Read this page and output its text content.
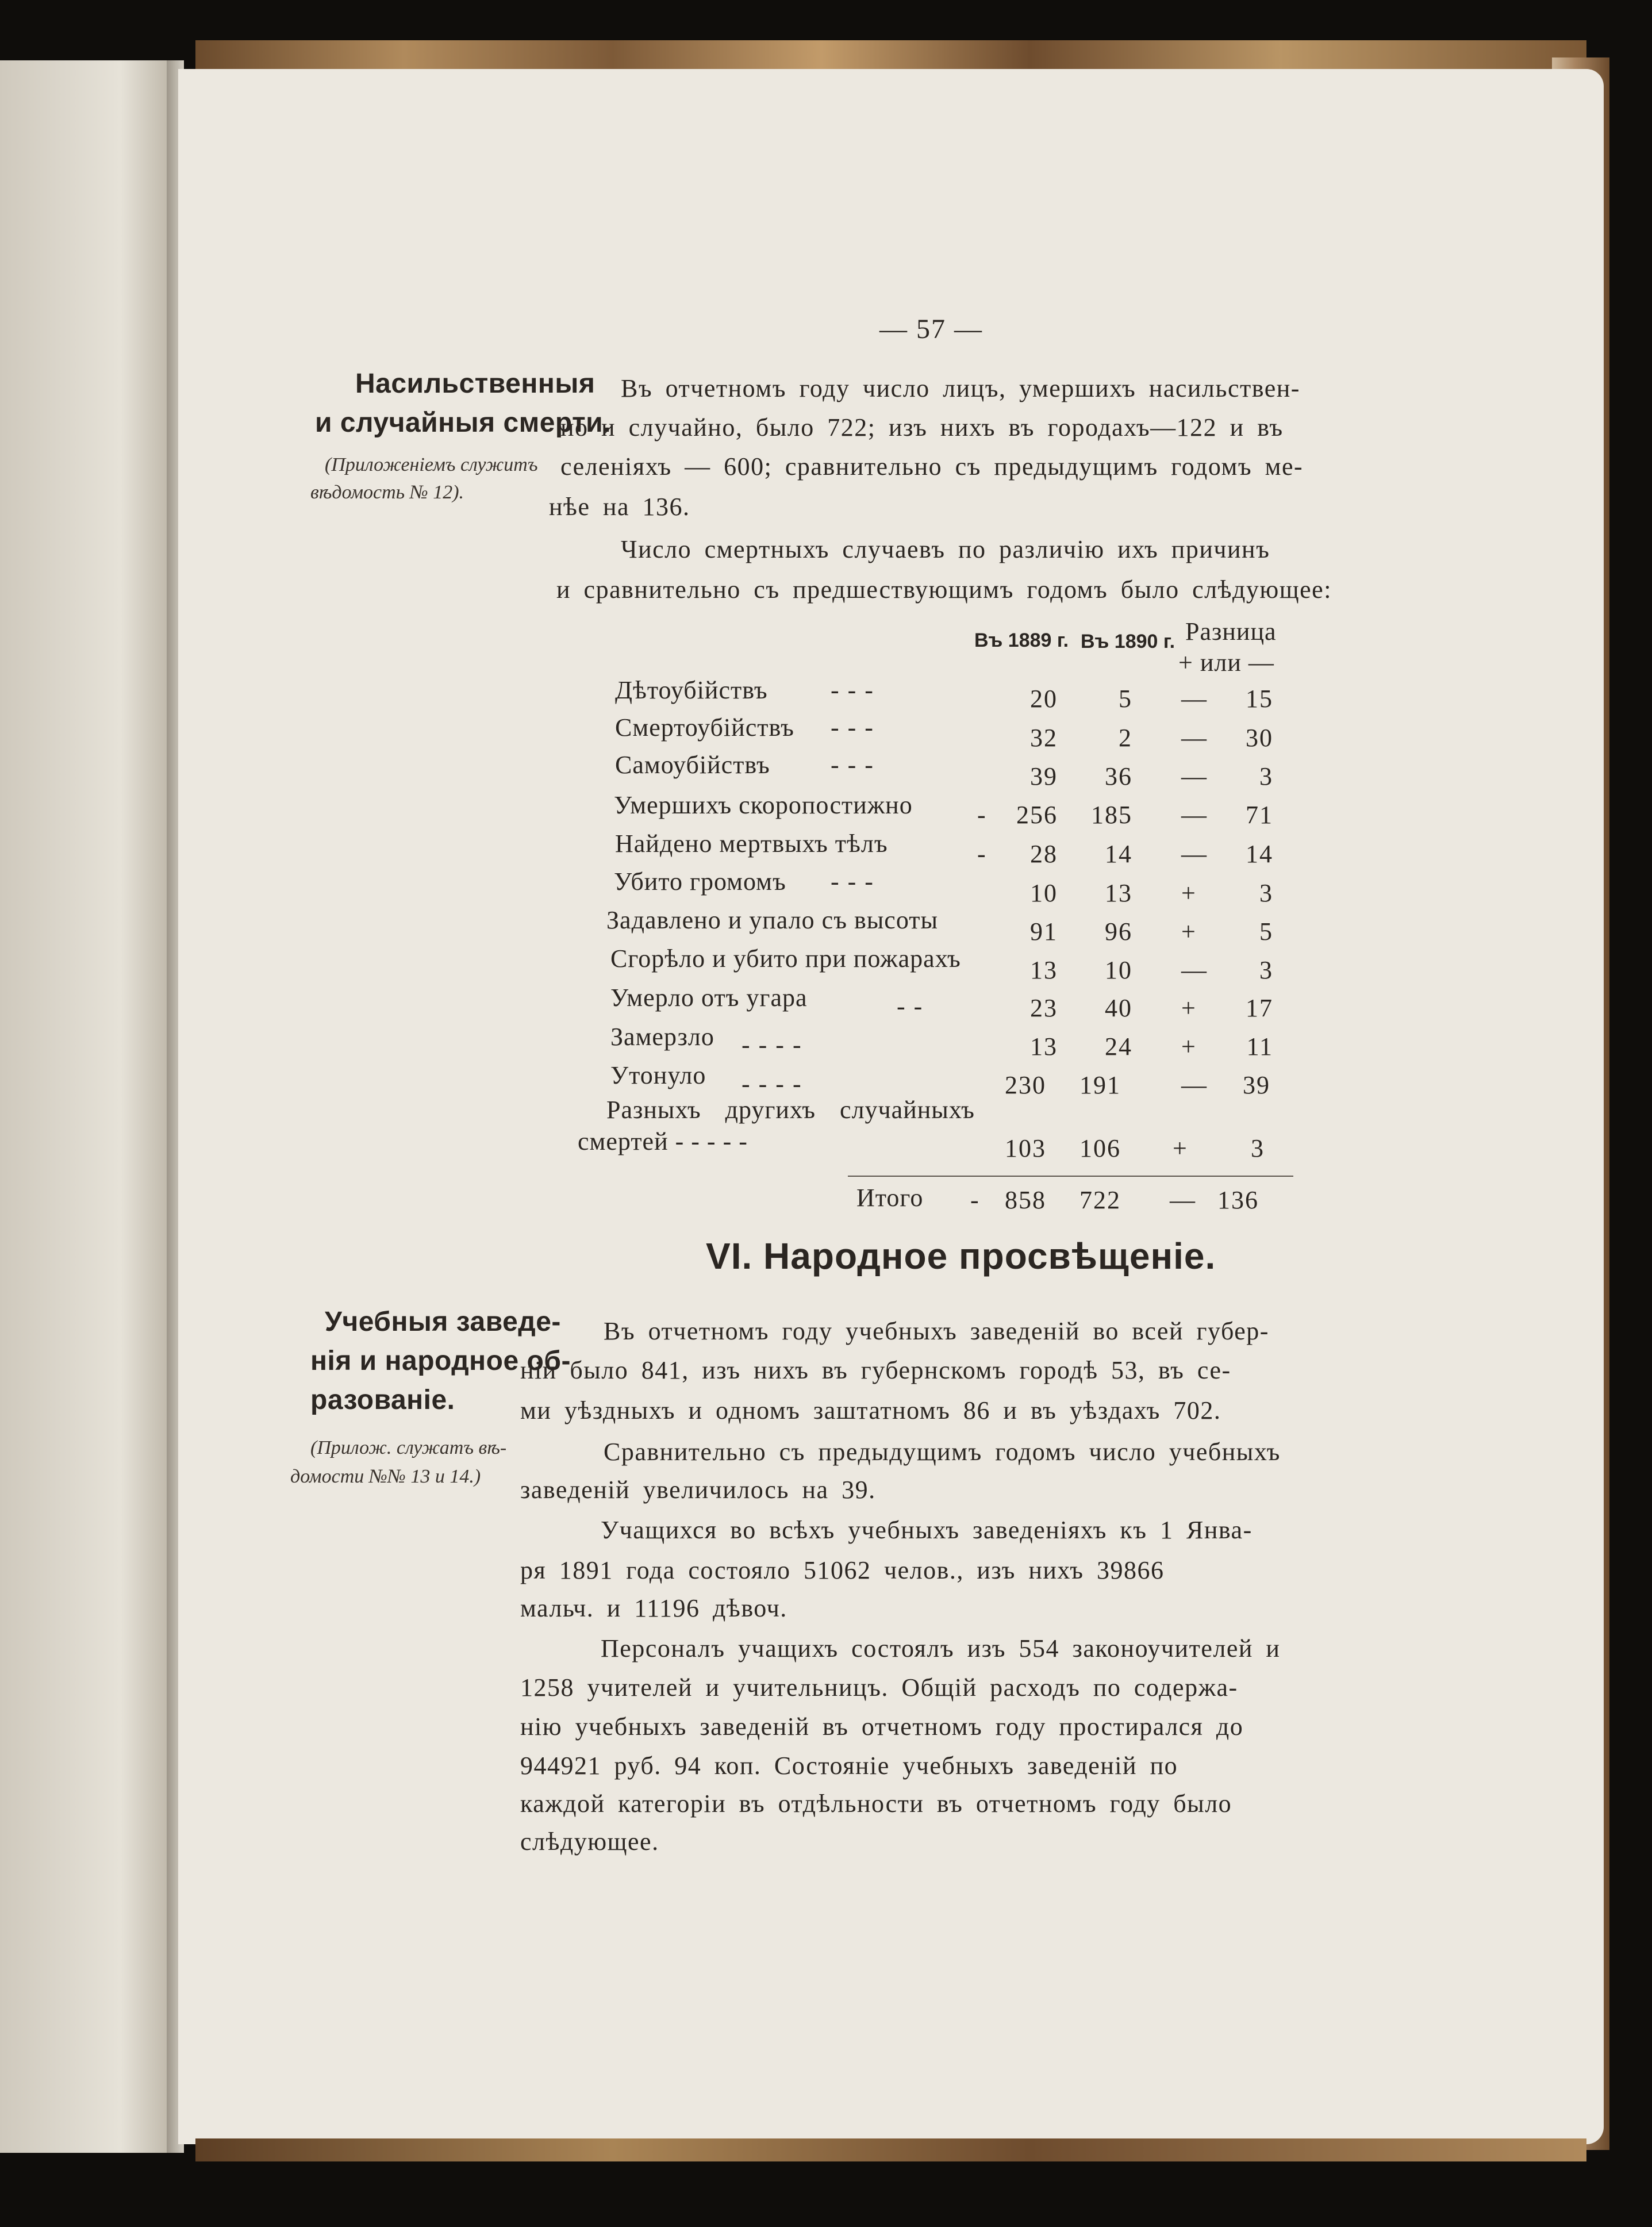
— 57 —
Насильственныя
и случайныя смерти.
(Приложеніемъ служитъ
вѣдомость № 12).
Въ отчетномъ году число лицъ, умершихъ насильствен-
но и случайно, было 722; изъ нихъ въ городахъ—122 и въ
селеніяхъ — 600; сравнительно съ предыдущимъ годомъ ме-
нѣе на 136.
Число смертныхъ случаевъ по различію ихъ причинъ
и сравнительно съ предшествующимъ годомъ было слѣдующее:
Въ 1889 г. Въ 1890 г. Разница
+ или —
Дѣтоубійствъ - - -	20	5 —	15
Смертоубійствъ - - -	32	2 —	30
Самоубійствъ - - -	39	36 —	3
Умершихъ скоропостижно	-	256	185 —	71
Найдено мертвыхъ тѣлъ	-	28	14 —	14
Убито громомъ - - -	10	13 +	3
Задавлено и упало съ высоты	91	96 +	5
Сгорѣло и убито при пожарахъ	13	10 —	3
Умерло отъ угара	- -	23	40 +	17
Замерзло - - - -	13	24 +	11
Утонуло - - - -	230	191 —	39
Разныхъ другихъ случайныхъ
смертей - - - - -	103	106 +	3
Итого -	858	722 — 136
VI. Народное просвѣщеніе.
Учебныя заведе-
нія и народное об-
разованіе.
(Прилож. служатъ вѣ-
домости №№ 13 и 14.)
Въ отчетномъ году учебныхъ заведеній во всей губер-
ніи было 841, изъ нихъ въ губернскомъ городѣ 53, въ се-
ми уѣздныхъ и одномъ заштатномъ 86 и въ уѣздахъ 702.
Сравнительно съ предыдущимъ годомъ число учебныхъ
заведеній увеличилось на 39.
Учащихся во всѣхъ учебныхъ заведеніяхъ къ 1 Янва-
ря 1891 года состояло 51062 челов., изъ нихъ 39866
мальч. и 11196 дѣвоч.
Персоналъ учащихъ состоялъ изъ 554 законоучителей и
1258 учителей и учительницъ. Общій расходъ по содержа-
нію учебныхъ заведеній въ отчетномъ году простирался до
944921 руб. 94 коп. Состояніе учебныхъ заведеній по
каждой категоріи въ отдѣльности въ отчетномъ году было
слѣдующее.
